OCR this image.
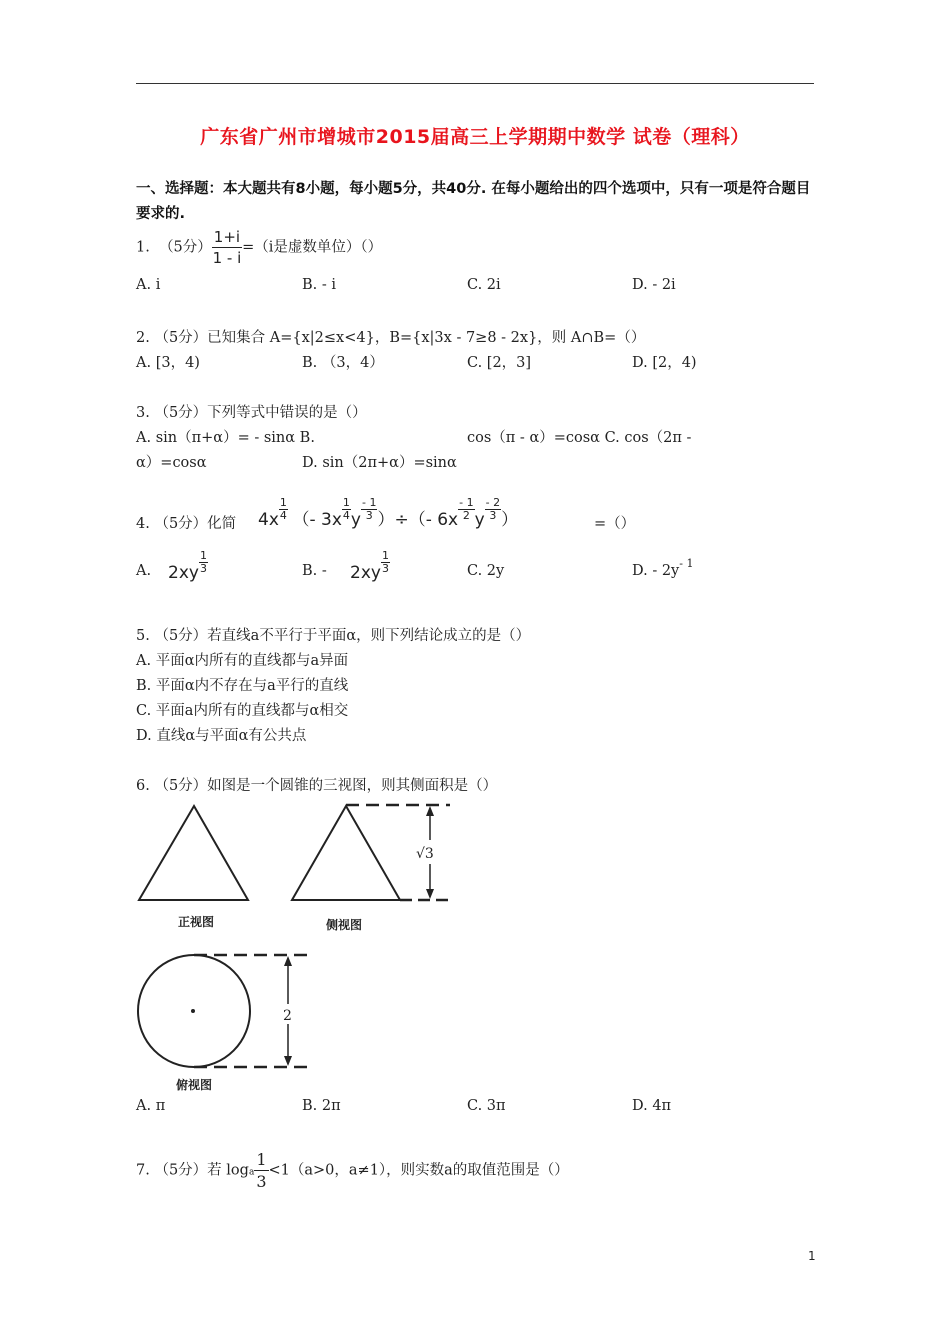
广东省广州市增城市2015届高三上学期期中数学 试卷（理科）
一、选择题：本大题共有8小题，每小题5分，共40分. 在每小题给出的四个选项中，只有一项是符合题目要求的.
1. （5分） $\frac{1+i}{1 - i} =(i$是虚数单位）（）
A. i	B. - i	C. 2i	D. - 2i
2. （5分）已知集合 A={x|2≤x<4}，B={x|3x - 7≥8 - 2x}，则 A∩B=（）
A. [3，4)	B. （3，4）	C. [2，3]	D. [2，4)
3. （5分）下列等式中错误的是（）
A. sin（π+α）= - sinα B.	cos（π - α）=cosα C. cos（2π -
α）=cosα	D. sin（2π+α）=sinα
4. （5分）化简 $4x \frac{1}{4}$ （- $3x \frac{1}{4}$ y $\frac{- 1}{3}$ ）÷（- $6x \frac{- 1}{2}$ y $\frac{- 2}{3}$ ）	=（）
A. $2xy \frac{1}{3}$	B. - $2xy \frac{1}{3}$	C. 2y	D. - $2y^{- 1}$
5. （5分）若直线a不平行于平面α，则下列结论成立的是（）
A. 平面α内所有的直线都与a异面
B. 平面α内不存在与a平行的直线
C. 平面a内所有的直线都与α相交
D. 直线α与平面α有公共点
6. （5分）如图是一个圆锥的三视图，则其侧面积是（）
正视图
√3
侧视图
2
俯视图
A. π	B. 2π	C. 3π	D. 4π
7. （5分）若 loga $\frac{1}{3} <1(a>0$，a≠1），则实数a的取值范围是（）
1
